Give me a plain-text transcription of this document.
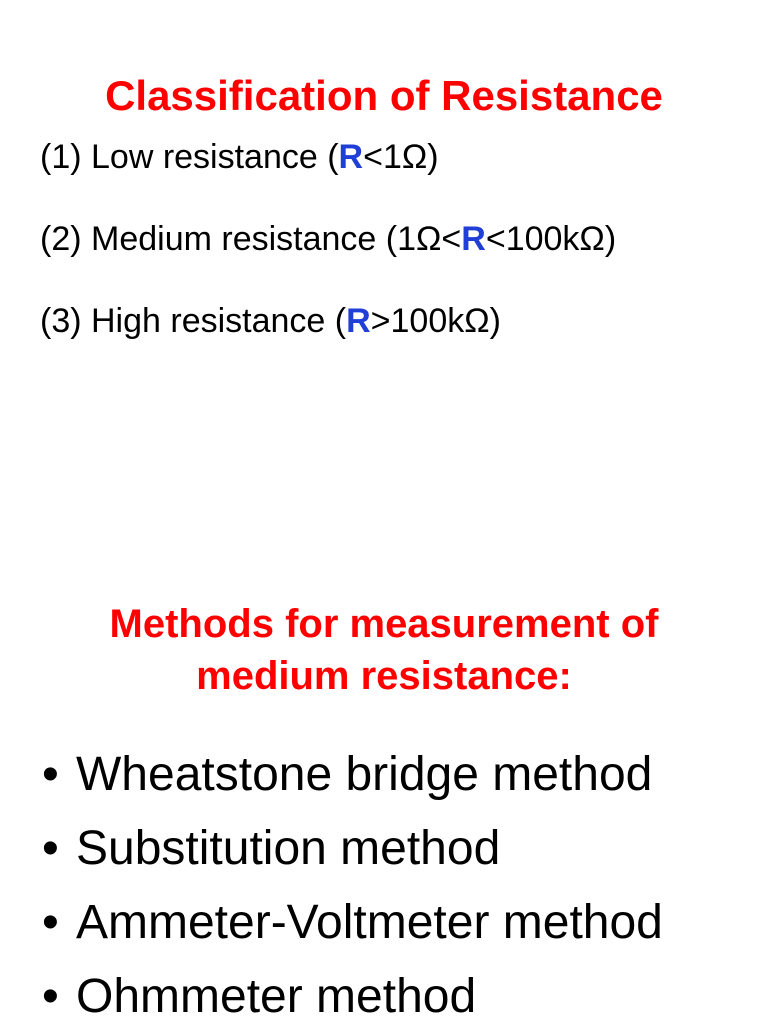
Classification of Resistance
(1) Low resistance (R<1Ω)
(2) Medium resistance (1Ω<R<100kΩ)
(3) High resistance (R>100kΩ)
Methods for measurement of
medium resistance:
• Wheatstone bridge method
• Substitution method
• Ammeter-Voltmeter method
• Ohmmeter method
